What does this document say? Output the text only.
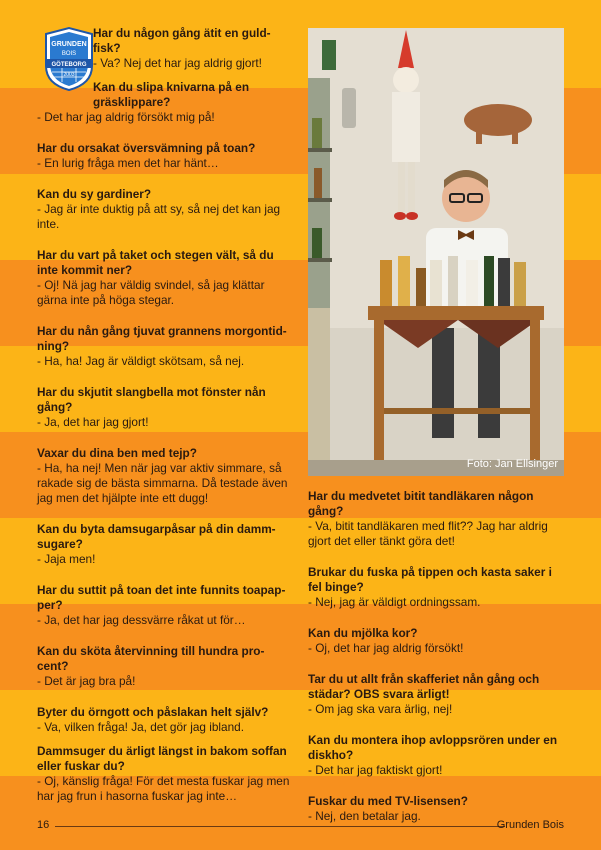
GRUNDEN
BOIS
GÖTEBORG
2003
Har du någon gång ätit en guld-fisk?
- Va? Nej det har jag aldrig gjort!
Kan du slipa knivarna på en gräsklippare?
- Det har jag aldrig försökt mig på!
Har du orsakat översvämning på toan?
- En lurig fråga men det har hänt…
Kan du sy gardiner?
- Jag är inte duktig på att sy, så nej det kan jag inte.
Har du vart på taket och stegen vält, så du inte kommit ner?
- Oj! Nä jag har väldig svindel, så jag klättar gärna inte på höga stegar.
Har du nån gång tjuvat grannens morgontid-ning?
- Ha, ha! Jag är väldigt skötsam, så nej.
Har du skjutit slangbella mot fönster nån gång?
- Ja, det har jag gjort!
Vaxar du dina ben med tejp?
- Ha, ha nej! Men när jag var aktiv simmare, så rakade sig de bästa simmarna. Då testade även jag men det hjälpte inte ett dugg!
Kan du byta damsugarpåsar på din damm-sugare?
- Jaja men!
Har du suttit på toan det inte funnits toapap-per?
- Ja, det har jag dessvärre råkat ut för…
Kan du sköta återvinning till hundra pro-cent?
- Det är jag bra på!
Byter du örngott och påslakan helt själv?
- Va, vilken fråga! Ja, det gör jag ibland.
Dammsuger du ärligt längst in bakom soffan eller fuskar du?
- Oj, känslig fråga! För det mesta fuskar jag men har jag frun i hasorna fuskar jag inte…
Foto: Jan Ellsinger
Har du medvetet bitit tandläkaren någon gång?
- Va, bitit tandläkaren med flit?? Jag har aldrig gjort det eller tänkt göra det!
Brukar du fuska på tippen och kasta saker i fel binge?
- Nej, jag är väldigt ordningssam.
Kan du mjölka kor?
- Oj, det har jag aldrig försökt!
Tar du ut allt från skafferiet nån gång och städar? OBS svara ärligt!
- Om jag ska vara ärlig, nej!
Kan du montera ihop avloppsrören under en diskho?
- Det har jag faktiskt gjort!
Fuskar du med TV-lisensen?
- Nej, den betalar jag.
16	Grunden Bois
